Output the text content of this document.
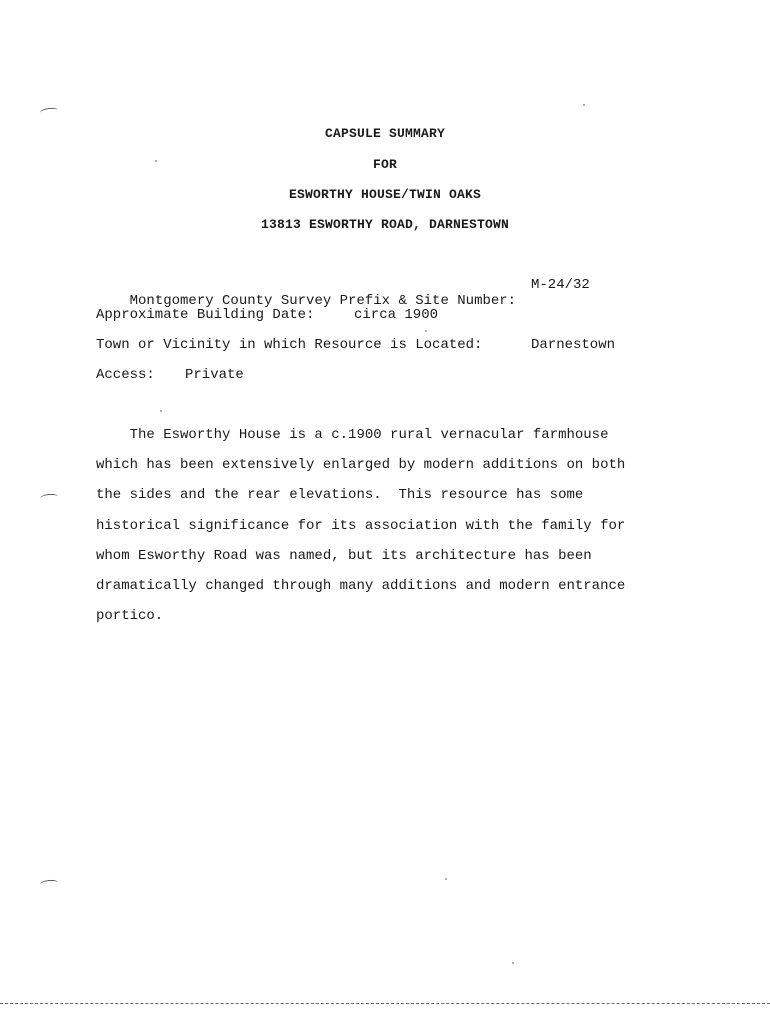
CAPSULE SUMMARY
FOR
ESWORTHY HOUSE/TWIN OAKS
13813 ESWORTHY ROAD, DARNESTOWN

Montgomery County Survey Prefix & Site Number:

M-24/32
Approximate Building Date:	circa 1900
Town or Vicinity in which Resource is Located:	Darnestown
Access: Private
The Esworthy House is a c.1900 rural vernacular farmhouse
which has been extensively enlarged by modern additions on both
the sides and the rear elevations.  This resource has some
historical significance for its association with the family for
whom Esworthy Road was named, but its architecture has been
dramatically changed through many additions and modern entrance
portico.
